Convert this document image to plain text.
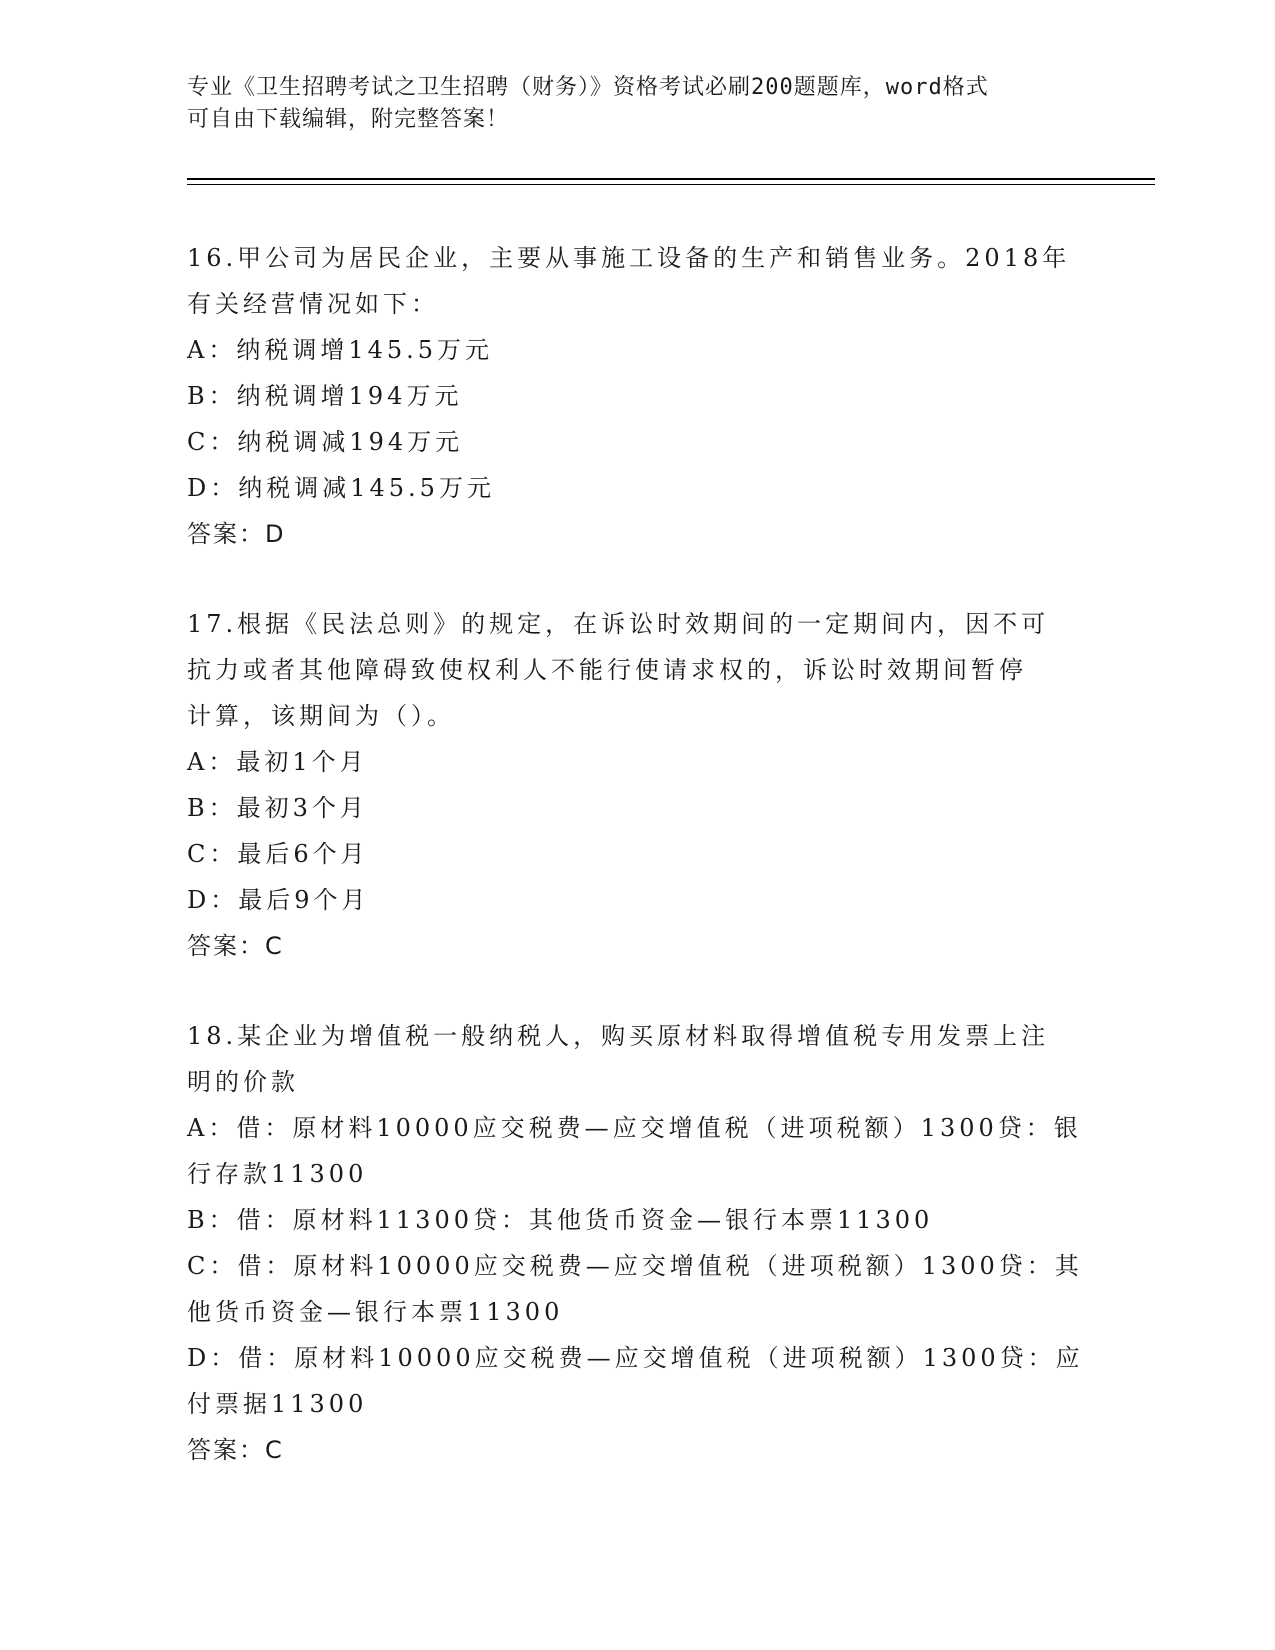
专业《卫生招聘考试之卫生招聘（财务）》资格考试必刷200题题库，word格式
可自由下载编辑，附完整答案！
16.甲公司为居民企业，主要从事施工设备的生产和销售业务。2018年
有关经营情况如下：
A：纳税调增145.5万元
B：纳税调增194万元
C：纳税调减194万元
D：纳税调减145.5万元
答案：D
17.根据《民法总则》的规定，在诉讼时效期间的一定期间内，因不可
抗力或者其他障碍致使权利人不能行使请求权的，诉讼时效期间暂停
计算，该期间为（）。
A：最初1个月
B：最初3个月
C：最后6个月
D：最后9个月
答案：C
18.某企业为增值税一般纳税人，购买原材料取得增值税专用发票上注
明的价款
A：借：原材料10000应交税费—应交增值税（进项税额）1300贷：银
行存款11300
B：借：原材料11300贷：其他货币资金—银行本票11300
C：借：原材料10000应交税费—应交增值税（进项税额）1300贷：其
他货币资金—银行本票11300
D：借：原材料10000应交税费—应交增值税（进项税额）1300贷：应
付票据11300
答案：C
